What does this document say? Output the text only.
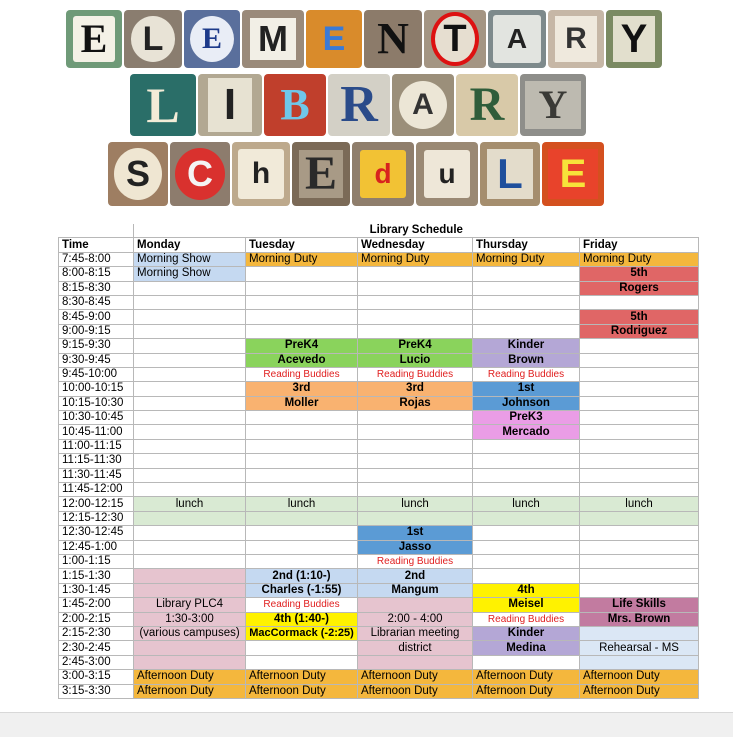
E	L	E	M E N T	A	R Y
L	I	B R	A R Y
S	C	h E	d	u L E
	Library Schedule				
Time	Monday	Tuesday	Wednesday	Thursday	Friday
7:45-8:00	Morning Show	Morning Duty	Morning Duty	Morning Duty	Morning Duty
8:00-8:15	Morning Show				5th
8:15-8:30					Rogers
8:30-8:45					
8:45-9:00					5th
9:00-9:15					Rodriguez
9:15-9:30		PreK4	PreK4	Kinder	
9:30-9:45		Acevedo	Lucio	Brown	
9:45-10:00		Reading Buddies	Reading Buddies	Reading Buddies	
10:00-10:15		3rd	3rd	1st	
10:15-10:30		Moller	Rojas	Johnson	
10:30-10:45				PreK3	
10:45-11:00				Mercado	
11:00-11:15					
11:15-11:30					
11:30-11:45					
11:45-12:00					
12:00-12:15	lunch	lunch	lunch	lunch	lunch
12:15-12:30					
12:30-12:45			1st		
12:45-1:00			Jasso		
1:00-1:15			Reading Buddies		
1:15-1:30		2nd (1:10-)	2nd		
1:30-1:45		Charles (-1:55)	Mangum	4th	
1:45-2:00	Library PLC4	Reading Buddies		Meisel	Life Skills
2:00-2:15	1:30-3:00	4th (1:40-)	2:00 - 4:00	Reading Buddies	Mrs. Brown
2:15-2:30	(various campuses)	MacCormack (-2:25)	Librarian meeting	Kinder	
2:30-2:45			district	Medina	Rehearsal - MS
2:45-3:00					
3:00-3:15	Afternoon Duty	Afternoon Duty	Afternoon Duty	Afternoon Duty	Afternoon Duty
3:15-3:30	Afternoon Duty	Afternoon Duty	Afternoon Duty	Afternoon Duty	Afternoon Duty
